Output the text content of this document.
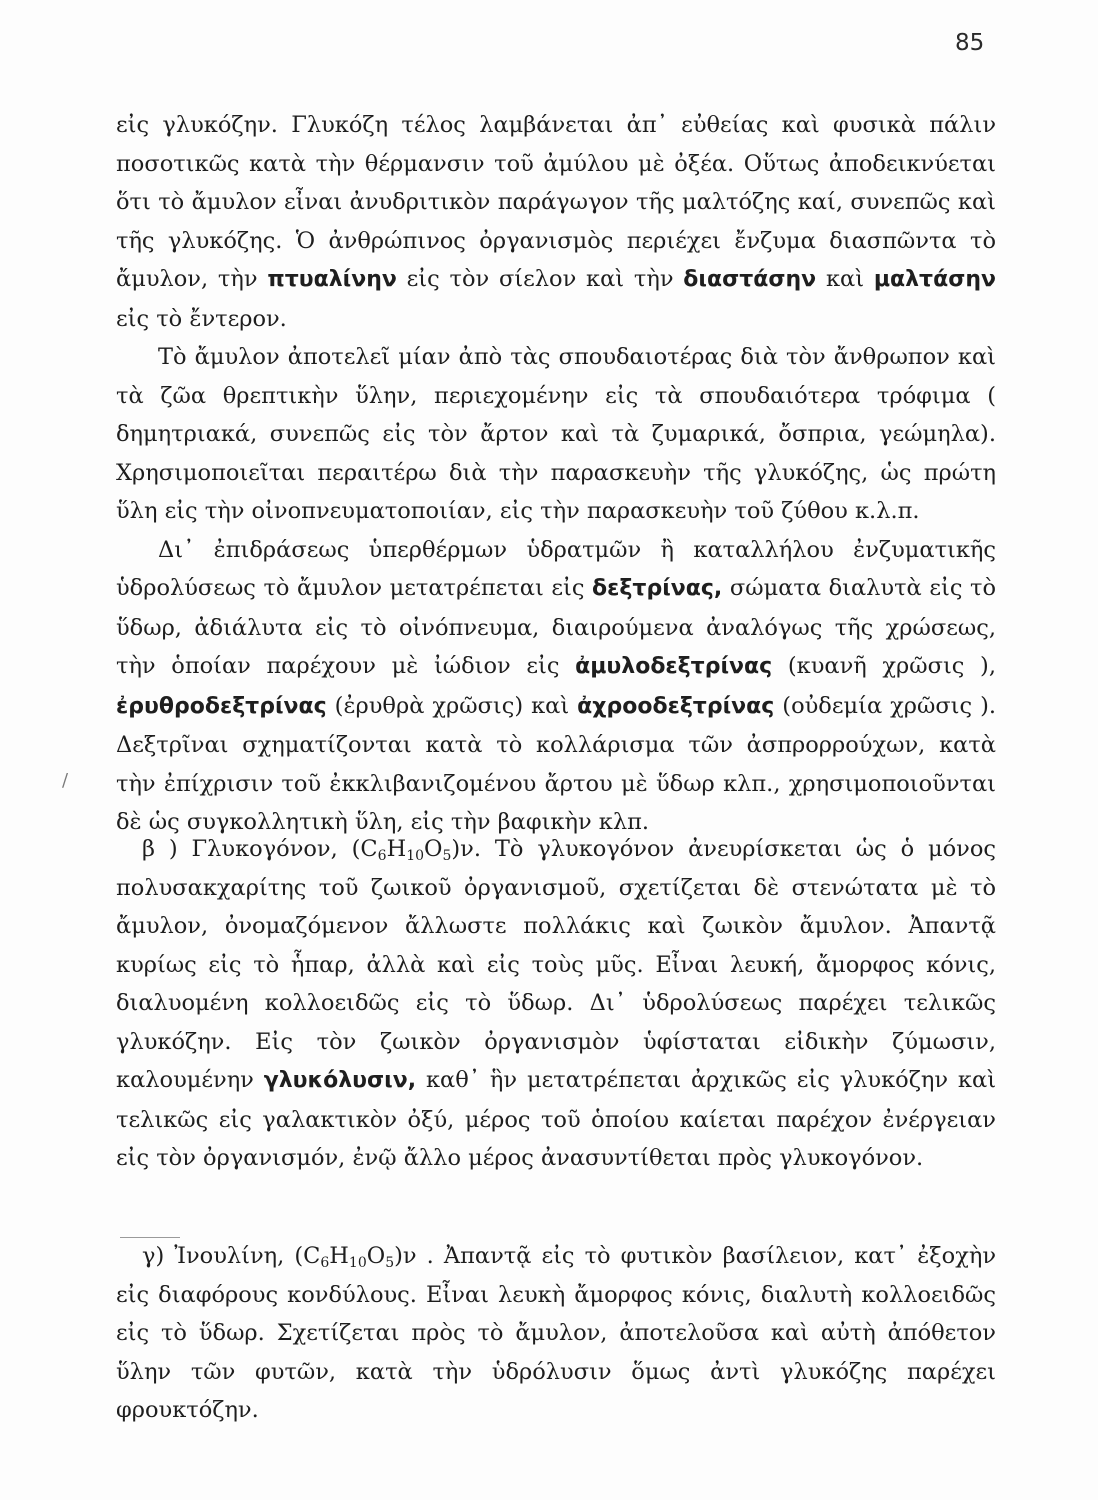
85
/

εἰς γλυκόζην. Γλυκόζη τέλος λαμβάνεται ἀπ᾽ εὐθείας καὶ φυσικὰ πάλιν ποσοτικῶς κατὰ τὴν θέρμανσιν τοῦ ἀμύλου μὲ ὀξέα. Οὕτως ἀποδεικνύεται ὅτι τὸ ἄμυλον εἶναι ἀνυδριτικὸν παράγωγον τῆς μαλτόζης καί, συνεπῶς καὶ τῆς γλυκόζης. Ὁ ἀνθρώπινος ὀργανισμὸς περιέχει ἔνζυμα διασπῶντα τὸ ἄμυλον, τὴν πτυαλίνην εἰς τὸν σίελον καὶ τὴν διαστάσην καὶ μαλτάσην εἰς τὸ ἔντερον.

Τὸ ἄμυλον ἀποτελεῖ μίαν ἀπὸ τὰς σπουδαιοτέρας διὰ τὸν ἄνθρωπον καὶ τὰ ζῶα θρεπτικὴν ὕλην, περιεχομένην εἰς τὰ σπουδαιότερα τρόφιμα ( δημητριακά, συνεπῶς εἰς τὸν ἄρτον καὶ τὰ ζυμαρικά, ὄσπρια, γεώμηλα). Χρησιμοποιεῖται περαιτέρω διὰ τὴν παρασκευὴν τῆς γλυκόζης, ὡς πρώτη ὕλη εἰς τὴν οἰνοπνευματοποιίαν, εἰς τὴν παρασκευὴν τοῦ ζύθου κ.λ.π.

Δι᾽ ἐπιδράσεως ὑπερθέρμων ὑδρατμῶν ἢ καταλλήλου ἐνζυματικῆς ὑδρολύσεως τὸ ἄμυλον μετατρέπεται εἰς δεξτρίνας, σώματα διαλυτὰ εἰς τὸ ὕδωρ, ἀδιάλυτα εἰς τὸ οἰνόπνευμα, διαιρούμενα ἀναλόγως τῆς χρώσεως, τὴν ὁποίαν παρέχουν μὲ ἰώδιον εἰς ἀμυλοδεξτρίνας (κυανῆ χρῶσις ), ἐρυθροδεξτρίνας (ἐρυθρὰ χρῶσις) καὶ ἀχροοδεξτρίνας (οὐδεμία χρῶσις ). Δεξτρῖναι σχηματίζονται κατὰ τὸ κολλάρισμα τῶν ἀσπρορρούχων, κατὰ τὴν ἐπίχρισιν τοῦ ἐκκλιβανιζομένου ἄρτου μὲ ὕδωρ κλπ., χρησιμοποιοῦνται δὲ ὡς συγκολλητικὴ ὕλη, εἰς τὴν βαφικὴν κλπ.

β ) Γλυκογόνον, $(C_6H_{10}O_5)\nu$. Τὸ γλυκογόνον ἀνευρίσκεται ὡς ὁ μόνος πολυσακχαρίτης τοῦ ζωικοῦ ὀργανισμοῦ, σχετίζεται δὲ στενώτατα μὲ τὸ ἄμυλον, ὀνομαζόμενον ἄλλωστε πολλάκις καὶ ζωικὸν ἄμυλον. Ἀπαντᾷ κυρίως εἰς τὸ ἧπαρ, ἀλλὰ καὶ εἰς τοὺς μῦς. Εἶναι λευκή, ἄμορφος κόνις, διαλυομένη κολλοειδῶς εἰς τὸ ὕδωρ. Δι᾽ ὑδρολύσεως παρέχει τελικῶς γλυκόζην. Εἰς τὸν ζωικὸν ὀργανισμὸν ὑφίσταται εἰδικὴν ζύμωσιν, καλουμένην γλυκόλυσιν, καθ᾽ ἣν μετατρέπεται ἀρχικῶς εἰς γλυκόζην καὶ τελικῶς εἰς γαλακτικὸν ὀξύ, μέρος τοῦ ὁποίου καίεται παρέχον ἐνέργειαν εἰς τὸν ὀργανισμόν, ἐνῷ ἄλλο μέρος ἀνασυντίθεται πρὸς γλυκογόνον.

γ) Ἰνουλίνη, $(C_6H_{10}O_5)\nu$ . Ἀπαντᾷ εἰς τὸ φυτικὸν βασίλειον, κατ᾽ ἐξοχὴν εἰς διαφόρους κονδύλους. Εἶναι λευκὴ ἄμορφος κόνις, διαλυτὴ κολλοειδῶς εἰς τὸ ὕδωρ. Σχετίζεται πρὸς τὸ ἄμυλον, ἀποτελοῦσα καὶ αὐτὴ ἀπόθετον ὕλην τῶν φυτῶν, κατὰ τὴν ὑδρόλυσιν ὅμως ἀντὶ γλυκόζης παρέχει φρουκτόζην.
